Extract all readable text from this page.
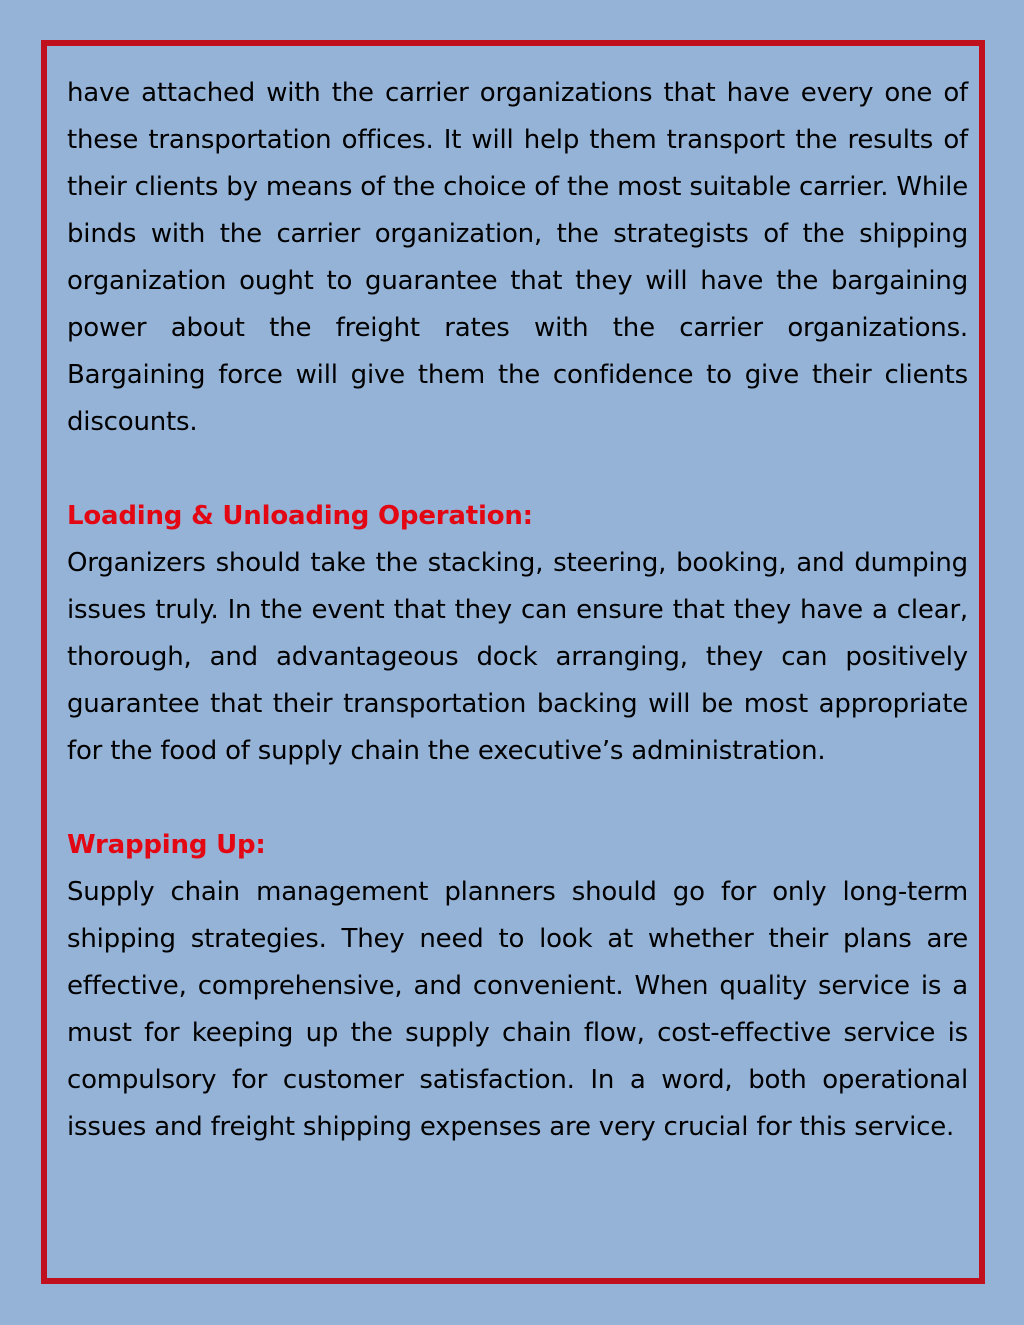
have attached with the carrier organizations that have every one of these transportation offices. It will help them transport the results of their clients by means of the choice of the most suitable carrier. While binds with the carrier organization, the strategists of the shipping organization ought to guarantee that they will have the bargaining power about the freight rates with the carrier organizations. Bargaining force will give them the confidence to give their clients discounts.

Loading & Unloading Operation:

Organizers should take the stacking, steering, booking, and dumping issues truly. In the event that they can ensure that they have a clear, thorough, and advantageous dock arranging, they can positively guarantee that their transportation backing will be most appropriate for the food of supply chain the executive’s administration.

Wrapping Up:

Supply chain management planners should go for only long-term shipping strategies. They need to look at whether their plans are effective, comprehensive, and convenient. When quality service is a must for keeping up the supply chain flow, cost-effective service is compulsory for customer satisfaction. In a word, both operational issues and freight shipping expenses are very crucial for this service.
